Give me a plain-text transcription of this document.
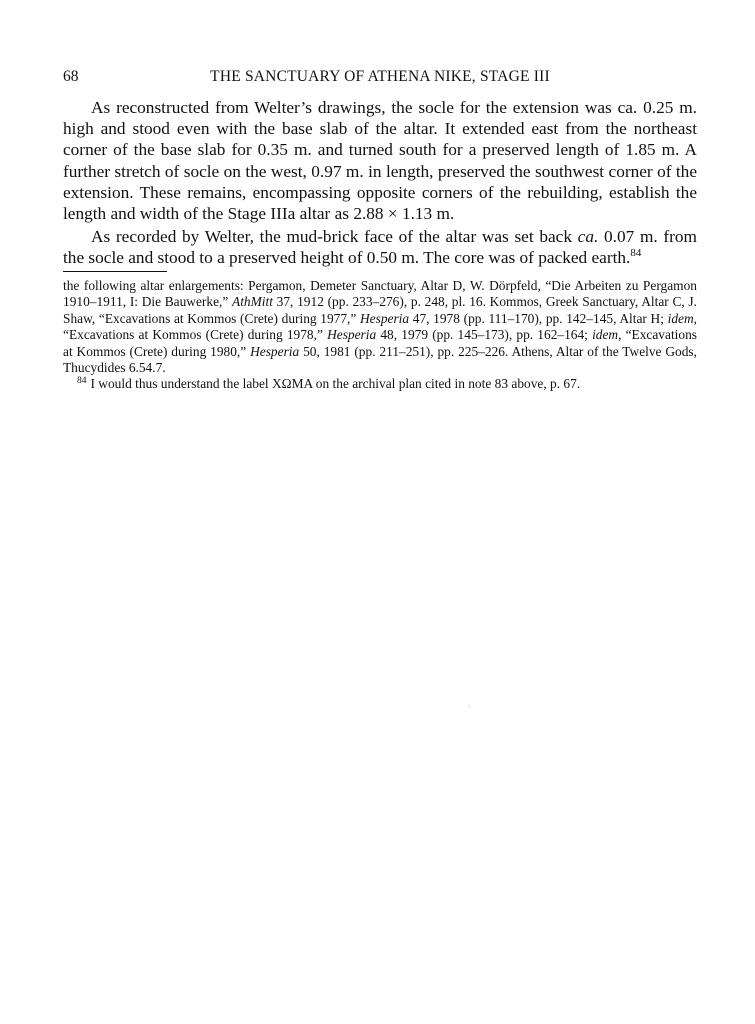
68	THE SANCTUARY OF ATHENA NIKE, STAGE III

As reconstructed from Welter’s drawings, the socle for the extension was ca. 0.25 m. high and stood even with the base slab of the altar. It extended east from the northeast corner of the base slab for 0.35 m. and turned south for a preserved length of 1.85 m. A further stretch of socle on the west, 0.97 m. in length, preserved the southwest corner of the extension. These remains, encompassing opposite corners of the rebuilding, establish the length and width of the Stage IIIa altar as 2.88 × 1.13 m.

As recorded by Welter, the mud-brick face of the altar was set back ca. 0.07 m. from the socle and stood to a preserved height of 0.50 m. The core was of packed earth.$^{84}$

the following altar enlargements: Pergamon, Demeter Sanctuary, Altar D, W. Dörpfeld, “Die Arbeiten zu Pergamon 1910–1911, I: Die Bauwerke,” AthMitt 37, 1912 (pp. 233–276), p. 248, pl. 16. Kommos, Greek Sanctuary, Altar C, J. Shaw, “Excavations at Kommos (Crete) during 1977,” Hesperia 47, 1978 (pp. 111–170), pp. 142–145, Altar H; idem, “Excavations at Kommos (Crete) during 1978,” Hesperia 48, 1979 (pp. 145–173), pp. 162–164; idem, “Excavations at Kommos (Crete) during 1980,” Hesperia 50, 1981 (pp. 211–251), pp. 225–226. Athens, Altar of the Twelve Gods, Thucydides 6.54.7.

$^{84}$ I would thus understand the label ΧΩΜΑ on the archival plan cited in note 83 above, p. 67.
